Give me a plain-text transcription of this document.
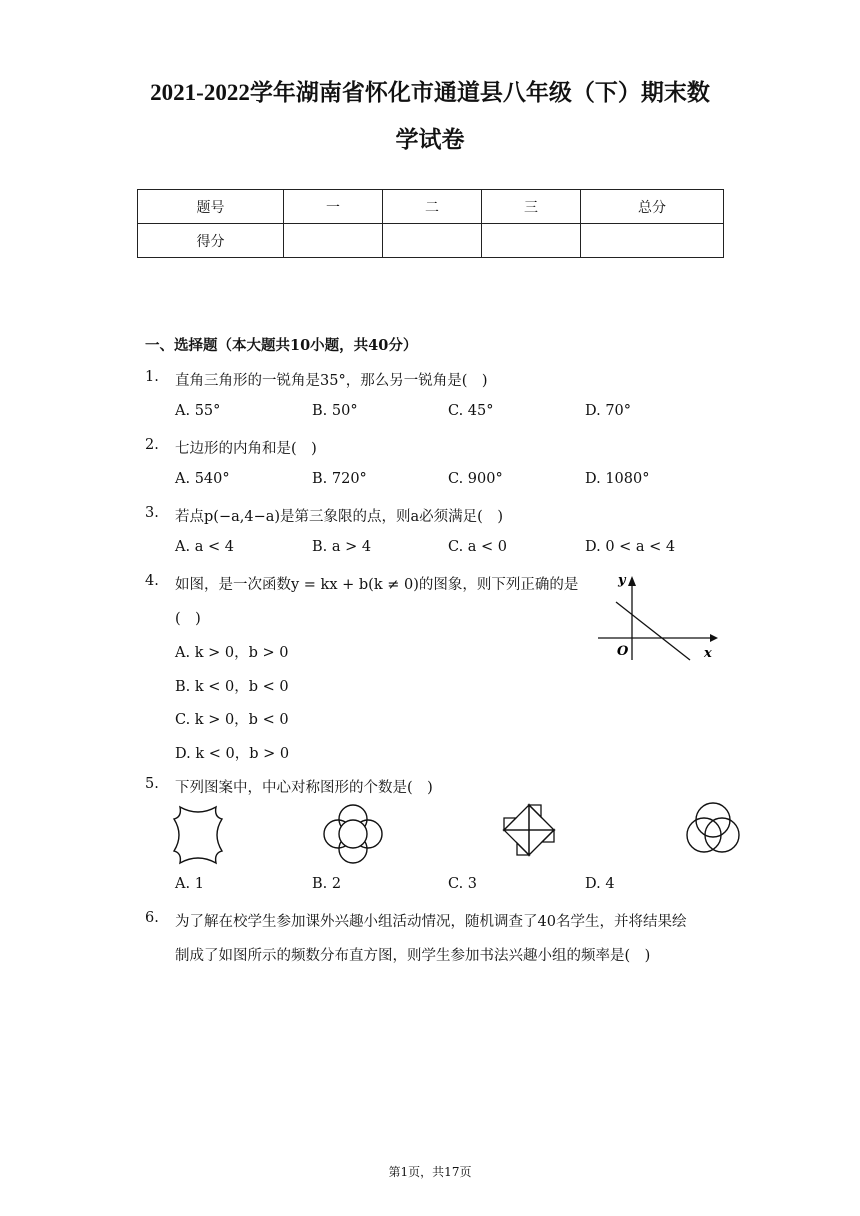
2021-2022学年湖南省怀化市通道县八年级（下）期末数
学试卷
题号	一	二	三	总分
得分				
一、选择题（本大题共10小题，共40分）
1. 直角三角形的一锐角是35°，那么另一锐角是(　)
A. 55°	B. 50°	C. 45°	D. 70°
2. 七边形的内角和是(　)
A. 540°	B. 720°	C. 900°	D. 1080°
3. 若点p(−a,4−a)是第三象限的点，则a必须满足(　)
A. a < 4	B. a > 4	C. a < 0	D. 0 < a < 4
4. 如图，是一次函数y = kx + b(k ≠ 0)的图象，则下列正确的是
(　)
A. k > 0，b > 0
B. k < 0，b < 0
C. k > 0，b < 0
D. k < 0，b > 0
y
x
O
5. 下列图案中，中心对称图形的个数是(　)
A. 1	B. 2	C. 3	D. 4
6. 为了解在校学生参加课外兴趣小组活动情况，随机调查了40名学生，并将结果绘
制成了如图所示的频数分布直方图，则学生参加书法兴趣小组的频率是(　)
第1页，共17页
